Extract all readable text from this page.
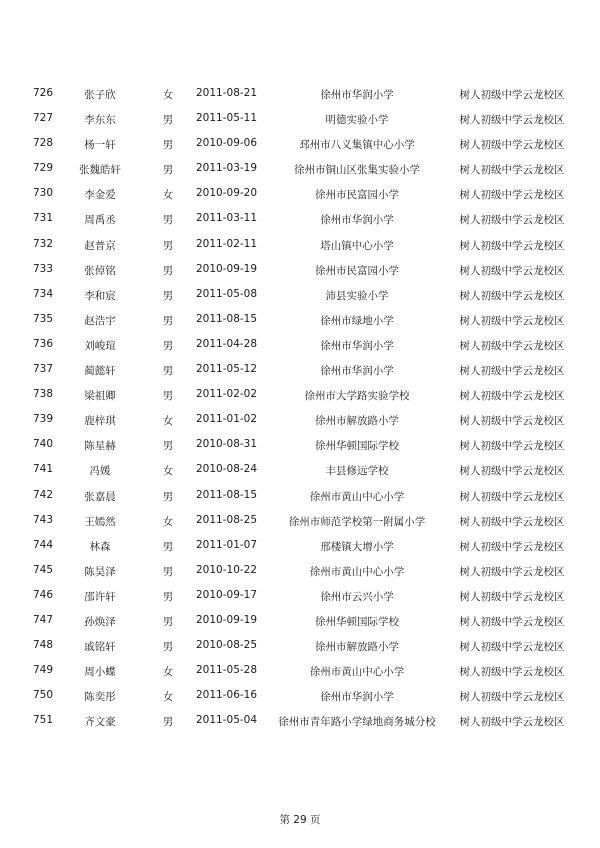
726	张子欣	女	2011-08-21	徐州市华润小学	树人初级中学云龙校区
727	李东东	男	2011-05-11	明德实验小学	树人初级中学云龙校区
728	杨一轩	男	2010-09-06	邳州市八义集镇中心小学	树人初级中学云龙校区
729	张魏皓轩	男	2011-03-19	徐州市铜山区张集实验小学	树人初级中学云龙校区
730	李金爱	女	2010-09-20	徐州市民富园小学	树人初级中学云龙校区
731	周禹丞	男	2011-03-11	徐州市华润小学	树人初级中学云龙校区
732	赵普京	男	2011-02-11	塔山镇中心小学	树人初级中学云龙校区
733	张倬铭	男	2010-09-19	徐州市民富园小学	树人初级中学云龙校区
734	李和宸	男	2011-05-08	沛县实验小学	树人初级中学云龙校区
735	赵浩宇	男	2011-08-15	徐州市绿地小学	树人初级中学云龙校区
736	刘峻瑄	男	2011-04-28	徐州市华润小学	树人初级中学云龙校区
737	蔺懿轩	男	2011-05-12	徐州市华润小学	树人初级中学云龙校区
738	梁祖卿	男	2011-02-02	徐州市大学路实验学校	树人初级中学云龙校区
739	鹿梓琪	女	2011-01-02	徐州市解放路小学	树人初级中学云龙校区
740	陈星赫	男	2010-08-31	徐州华顿国际学校	树人初级中学云龙校区
741	冯媛	女	2010-08-24	丰县修远学校	树人初级中学云龙校区
742	张嘉晨	男	2011-08-15	徐州市黄山中心小学	树人初级中学云龙校区
743	王嫣然	女	2011-08-25	徐州市师范学校第一附属小学	树人初级中学云龙校区
744	林森	男	2011-01-07	邢楼镇大增小学	树人初级中学云龙校区
745	陈昊泽	男	2010-10-22	徐州市黄山中心小学	树人初级中学云龙校区
746	邵许轩	男	2010-09-17	徐州市云兴小学	树人初级中学云龙校区
747	孙焕泽	男	2010-09-19	徐州华顿国际学校	树人初级中学云龙校区
748	戚铭轩	男	2010-08-25	徐州市解放路小学	树人初级中学云龙校区
749	周小蝶	女	2011-05-28	徐州市黄山中心小学	树人初级中学云龙校区
750	陈奕彤	女	2011-06-16	徐州市华润小学	树人初级中学云龙校区
751	齐文豪	男	2011-05-04	徐州市青年路小学绿地商务城分校	树人初级中学云龙校区
第 29 页
